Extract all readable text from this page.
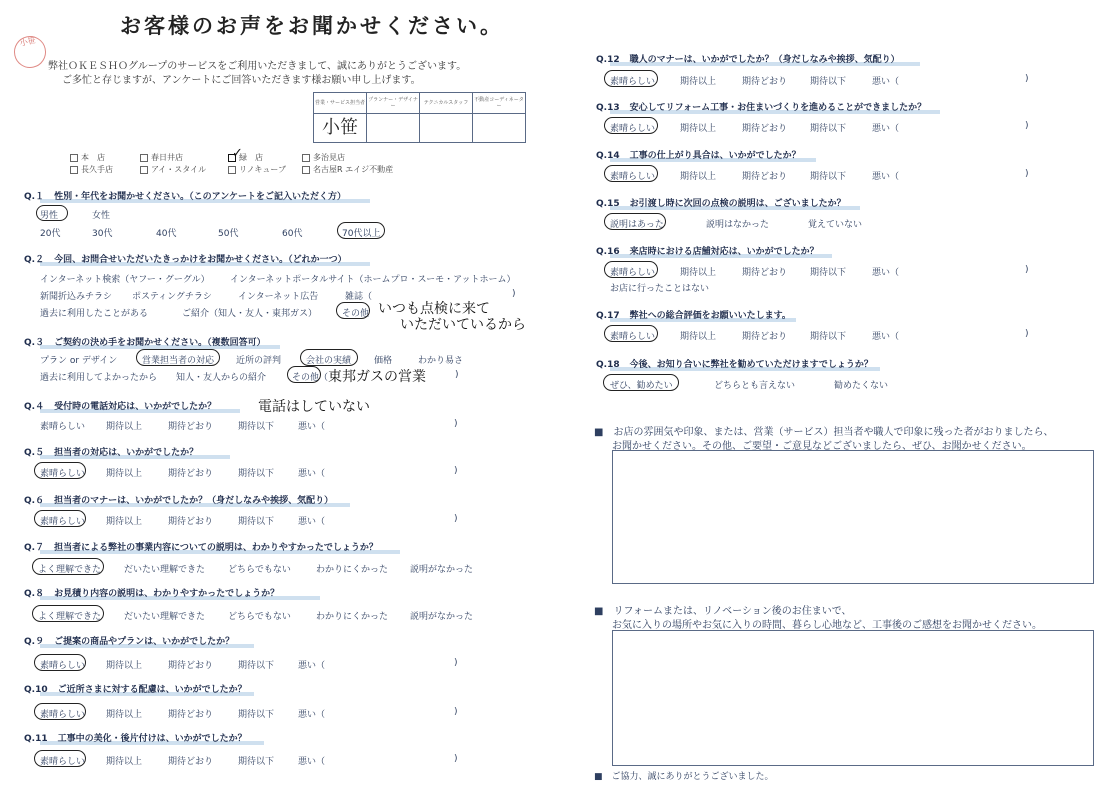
小笹
お客様のお声をお聞かせください。
弊社ＯＫＥＳＨＯグループのサービスをご利用いただきまして、誠にありがとうございます。
ご多忙と存じますが、アンケートにご回答いただきます様お願い申し上げます。
営業・サービス担当者	プランナー・デザイナー	テクニカルスタッフ	不動産コーディネーター
小笹			
本　店	春日井店	緑　店	多治見店
長久手店	アイ・スタイル	リノキューブ	名古屋R エイジ不動産
✓
Q.１ 性別・年代をお聞かせください。（このアンケートをご記入いただく方）
男性	女性
20代	30代	40代	50代	60代	70代以上
Q.２ 今回、お問合せいただいたきっかけをお聞かせください。（どれか一つ）
インターネット検索（ヤフー・グーグル） インターネットポータルサイト（ホームプロ・スーモ・アットホーム）
新聞折込みチラシ ポスティングチラシ	インターネット広告	雑誌（	)
過去に利用したことがある	ご紹介（知人・友人・東邦ガス）	その他 いつも点検に来て
いただいているから
Q.３ ご契約の決め手をお聞かせください。（複数回答可）
プラン or デザイン	営業担当者の対応 近所の評判	会社の実績	価格	わかり易さ
過去に利用してよかったから 知人・友人からの紹介	その他（ 東邦ガスの営業	)
Q.４ 受付時の電話対応は、いかがでしたか？	電話はしていない
素晴らしい 期待以上	期待どおり	期待以下	悪い（	)
Q.５ 担当者の対応は、いかがでしたか？
素晴らしい 期待以上	期待どおり	期待以下	悪い（	)
Q.６ 担当者のマナーは、いかがでしたか？（身だしなみや挨拶、気配り）
素晴らしい 期待以上	期待どおり	期待以下	悪い（	)
Q.７ 担当者による弊社の事業内容についての説明は、わかりやすかったでしょうか？
よく理解できた	だいたい理解できた	どちらでもない	わかりにくかった 説明がなかった
Q.８ お見積り内容の説明は、わかりやすかったでしょうか？
よく理解できた	だいたい理解できた	どちらでもない	わかりにくかった 説明がなかった
Q.９ ご提案の商品やプランは、いかがでしたか？
素晴らしい 期待以上	期待どおり	期待以下	悪い（	)
Q.10 ご近所さまに対する配慮は、いかがでしたか？
素晴らしい 期待以上	期待どおり	期待以下	悪い（	)
Q.11 工事中の美化・後片付けは、いかがでしたか？
素晴らしい 期待以上	期待どおり	期待以下	悪い（	)
Q.12 職人のマナーは、いかがでしたか？（身だしなみや挨拶、気配り）
素晴らしい	期待以上	期待どおり	期待以下	悪い（	)
Q.13 安心してリフォーム工事・お住まいづくりを進めることができましたか？
素晴らしい	期待以上	期待どおり	期待以下	悪い（	)
Q.14 工事の仕上がり具合は、いかがでしたか？
素晴らしい	期待以上	期待どおり	期待以下	悪い（	)
Q.15 お引渡し時に次回の点検の説明は、ございましたか？
説明はあった	説明はなかった	覚えていない
Q.16 来店時における店舗対応は、いかがでしたか？
素晴らしい	期待以上	期待どおり	期待以下	悪い（	)
お店に行ったことはない
Q.17 弊社への総合評価をお願いいたします。
素晴らしい	期待以上	期待どおり	期待以下	悪い（	)
Q.18 今後、お知り合いに弊社を勧めていただけますでしょうか？
ぜひ、勧めたい	どちらとも言えない	勧めたくない
■　お店の雰囲気や印象、または、営業（サービス）担当者や職人で印象に残った者がおりましたら、
お聞かせください。その他、ご要望・ご意見などございましたら、ぜひ、お聞かせください。
■　リフォームまたは、リノベーション後のお住まいで、
お気に入りの場所やお気に入りの時間、暮らし心地など、工事後のご感想をお聞かせください。
■　ご協力、誠にありがとうございました。
